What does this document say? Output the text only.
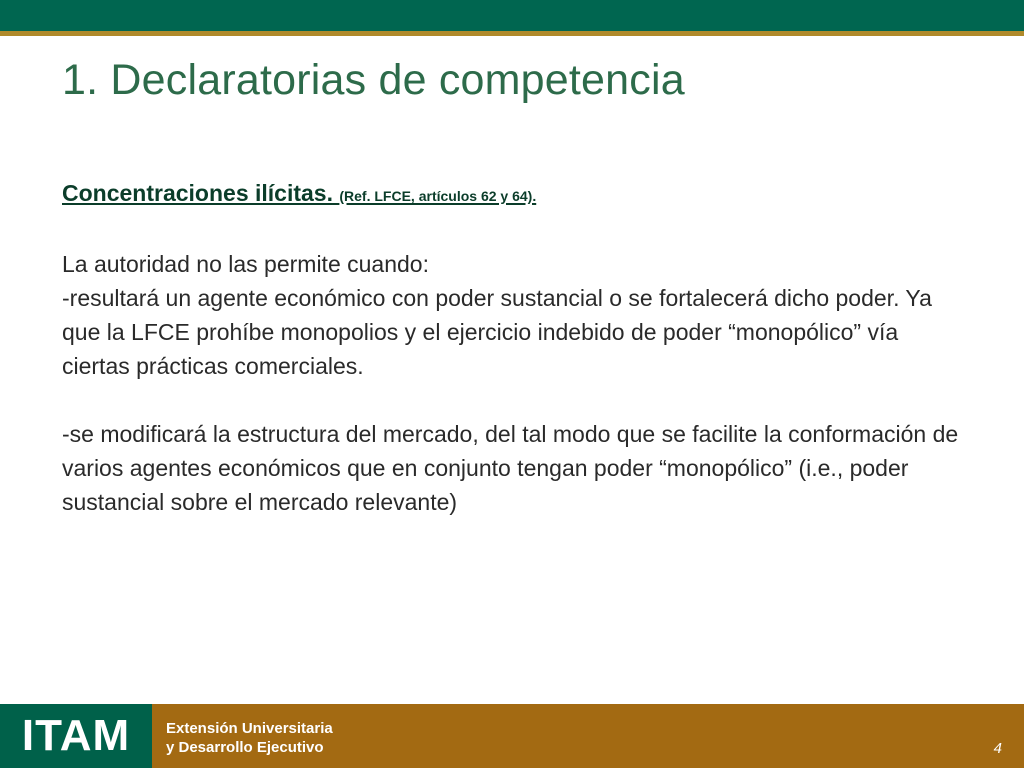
1. Declaratorias de competencia
Concentraciones ilícitas. (Ref. LFCE, artículos 62 y 64).

La autoridad no las permite cuando:
-resultará un agente económico con poder sustancial o se fortalecerá dicho poder. Ya que la LFCE prohíbe monopolios y el ejercicio indebido de poder “monopólico” vía ciertas prácticas comerciales.

-se modificará la estructura del mercado, del tal modo que se facilite la conformación de varios agentes económicos que en conjunto tengan poder “monopólico” (i.e., poder sustancial sobre el mercado relevante)

ITAM Extensión Universitaria
y Desarrollo Ejecutivo	4
